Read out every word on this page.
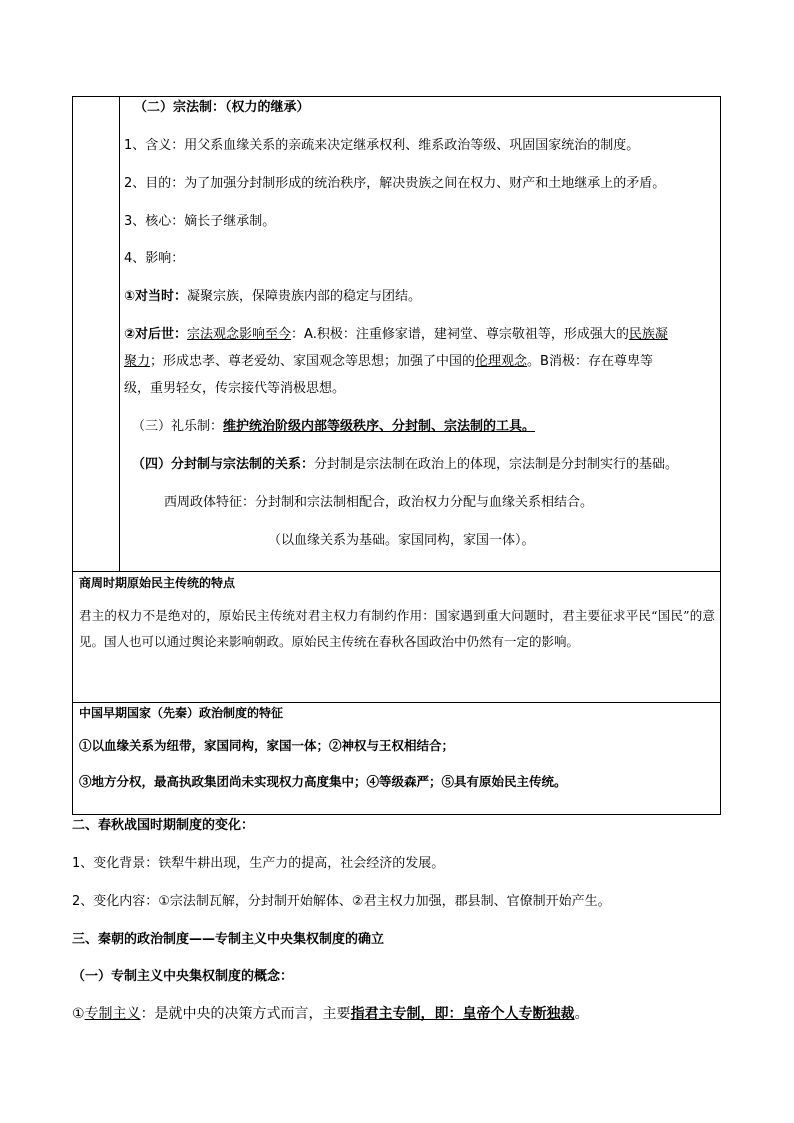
（二）宗法制：（权力的继承）
1、含义：用父系血缘关系的亲疏来决定继承权利、维系政治等级、巩固国家统治的制度。
2、目的：为了加强分封制形成的统治秩序，解决贵族之间在权力、财产和土地继承上的矛盾。
3、核心：嫡长子继承制。
4、影响：
①对当时：凝聚宗族，保障贵族内部的稳定与团结。
②对后世：宗法观念影响至今：A.积极：注重修家谱，建祠堂、尊宗敬祖等，形成强大的民族凝
聚力；形成忠孝、尊老爱幼、家国观念等思想；加强了中国的伦理观念。B消极：存在尊卑等
级，重男轻女，传宗接代等消极思想。
（三）礼乐制：维护统治阶级内部等级秩序、分封制、宗法制的工具。
（四）分封制与宗法制的关系：分封制是宗法制在政治上的体现，宗法制是分封制实行的基础。
西周政体特征：分封制和宗法制相配合，政治权力分配与血缘关系相结合。
（以血缘关系为基础。家国同构，家国一体）。
商周时期原始民主传统的特点
君主的权力不是绝对的，原始民主传统对君主权力有制约作用：国家遇到重大问题时，君主要征求平民“国民”的意见。国人也可以通过舆论来影响朝政。原始民主传统在春秋各国政治中仍然有一定的影响。
中国早期国家（先秦）政治制度的特征
①以血缘关系为纽带，家国同构，家国一体；②神权与王权相结合；
③地方分权，最高执政集团尚未实现权力高度集中；④等级森严；⑤具有原始民主传统。
二、春秋战国时期制度的变化：
1、变化背景：铁犁牛耕出现，生产力的提高，社会经济的发展。
2、变化内容：①宗法制瓦解，分封制开始解体、②君主权力加强，郡县制、官僚制开始产生。
三、秦朝的政治制度——专制主义中央集权制度的确立
（一）专制主义中央集权制度的概念：
①专制主义：是就中央的决策方式而言，主要指君主专制，即：皇帝个人专断独裁。
